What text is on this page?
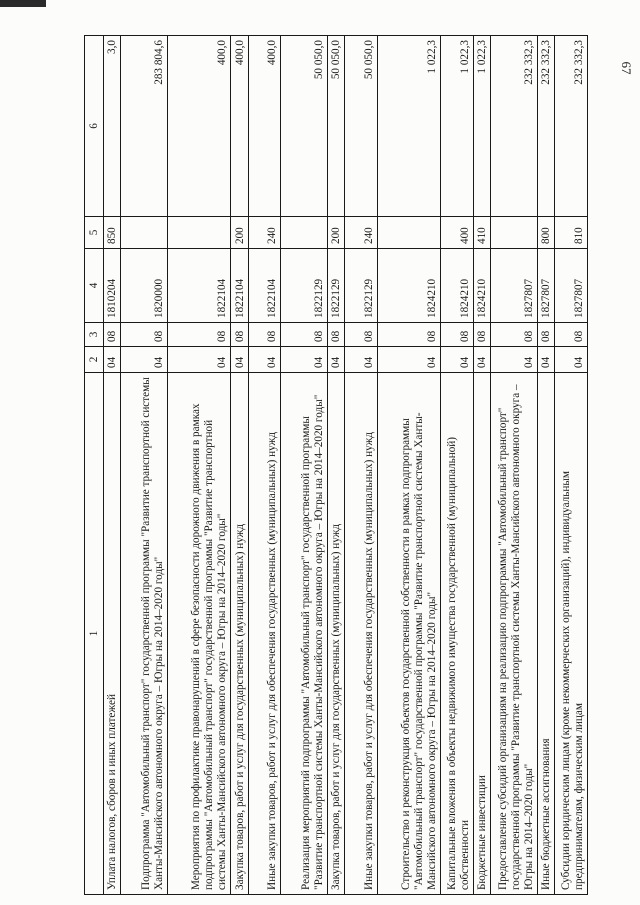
67
1	2	3	4	5	6
Уплата налогов, сборов и иных платежей	04	08	1810204	850	3,0
Подпрограмма "Автомобильный транспорт" государственной программы "Развитие транспортной системы Ханты-Мансийского автономного округа – Югры на 2014–2020 годы"	04	08	1820000		283 804,6
Мероприятия по профилактике правонарушений в сфере безопасности дорожного движения в рамках подпрограммы "Автомобильный транспорт" государственной программы "Развитие транспортной системы Ханты-Мансийского автономного округа – Югры на 2014–2020 годы"	04	08	1822104		400,0
Закупка товаров, работ и услуг для государственных (муниципальных) нужд	04	08	1822104	200	400,0
Иные закупки товаров, работ и услуг для обеспечения государственных (муниципальных) нужд	04	08	1822104	240	400,0
Реализация мероприятий подпрограммы "Автомобильный транспорт" государственной программы "Развитие транспортной системы Ханты-Мансийского автономного округа – Югры на 2014–2020 годы"	04	08	1822129		50 050,0
Закупка товаров, работ и услуг для государственных (муниципальных) нужд	04	08	1822129	200	50 050,0
Иные закупки товаров, работ и услуг для обеспечения государственных (муниципальных) нужд	04	08	1822129	240	50 050,0
Строительство и реконструкция объектов государственной собственности в рамках подпрограммы "Автомобильный транспорт" государственной программы "Развитие транспортной системы Ханты-Мансийского автономного округа – Югры на 2014–2020 годы"	04	08	1824210		1 022,3
Капитальные вложения в объекты недвижимого имущества государственной (муниципальной) собственности	04	08	1824210	400	1 022,3
Бюджетные инвестиции	04	08	1824210	410	1 022,3
Предоставление субсидий организациям на реализацию подпрограммы "Автомобильный транспорт" государственной программы "Развитие транспортной системы Ханты-Мансийского автономного округа – Югры на 2014–2020 годы"	04	08	1827807		232 332,3
Иные бюджетные ассигнования	04	08	1827807	800	232 332,3
Субсидии юридическим лицам (кроме некоммерческих организаций), индивидуальным предпринимателям, физическим лицам	04	08	1827807	810	232 332,3
